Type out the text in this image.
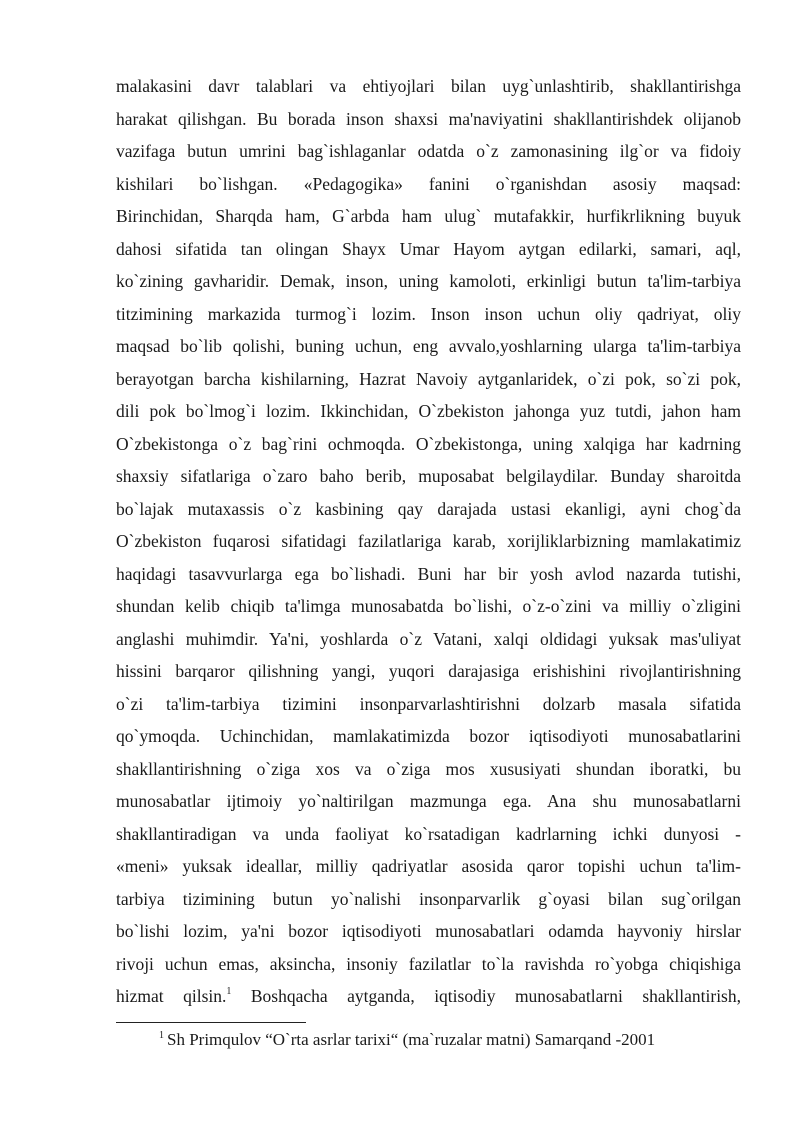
malakasini davr talablari va ehtiyojlari bilan uyg`unlashtirib, shakllantirishga
harakat qilishgan. Bu borada inson shaxsi ma'naviyatini shakllantirishdek olijanob
vazifaga butun umrini bag`ishlaganlar odatda o`z zamonasining ilg`or va fidoiy
kishilari bo`lishgan. «Pedagogika» fanini o`rganishdan asosiy maqsad:
Birinchidan, Sharqda ham, G`arbda ham ulug` mutafakkir, hurfikrlikning buyuk
dahosi sifatida tan olingan Shayx Umar Hayom aytgan edilarki, samari, aql,
ko`zining gavharidir. Demak, inson, uning kamoloti, erkinligi butun ta'lim-tarbiya
titzimining markazida turmog`i lozim. Inson inson uchun oliy qadriyat, oliy
maqsad bo`lib qolishi, buning uchun, eng avvalo,yoshlarning ularga ta'lim-tarbiya
berayotgan barcha kishilarning, Hazrat Navoiy aytganlaridek, o`zi pok, so`zi pok,
dili pok bo`lmog`i lozim. Ikkinchidan, O`zbekiston jahonga yuz tutdi, jahon ham
O`zbekistonga o`z bag`rini ochmoqda. O`zbekistonga, uning xalqiga har kadrning
shaxsiy sifatlariga o`zaro baho berib, muposabat belgilaydilar. Bunday sharoitda
bo`lajak mutaxassis o`z kasbining qay darajada ustasi ekanligi, ayni chog`da
O`zbekiston fuqarosi sifatidagi fazilatlariga karab, xorijliklarbizning mamlakatimiz
haqidagi tasavvurlarga ega bo`lishadi. Buni har bir yosh avlod nazarda tutishi,
shundan kelib chiqib ta'limga munosabatda bo`lishi, o`z-o`zini va milliy o`zligini
anglashi muhimdir. Ya'ni, yoshlarda o`z Vatani, xalqi oldidagi yuksak mas'uliyat
hissini barqaror qilishning yangi, yuqori darajasiga erishishini rivojlantirishning
o`zi ta'lim-tarbiya tizimini insonparvarlashtirishni dolzarb masala sifatida
qo`ymoqda. Uchinchidan, mamlakatimizda bozor iqtisodiyoti munosabatlarini
shakllantirishning o`ziga xos va o`ziga mos xususiyati shundan iboratki, bu
munosabatlar ijtimoiy yo`naltirilgan mazmunga ega. Ana shu munosabatlarni
shakllantiradigan va unda faoliyat ko`rsatadigan kadrlarning ichki dunyosi -
«meni» yuksak ideallar, milliy qadriyatlar asosida qaror topishi uchun ta'lim-
tarbiya tizimining butun yo`nalishi insonparvarlik g`oyasi bilan sug`orilgan
bo`lishi lozim, ya'ni bozor iqtisodiyoti munosabatlari odamda hayvoniy hirslar
rivoji uchun emas, aksincha, insoniy fazilatlar to`la ravishda ro`yobga chiqishiga
hizmat qilsin.$^1$ Boshqacha aytganda, iqtisodiy munosabatlarni shakllantirish,
$^1$ Sh Primqulov “O`rta asrlar tarixi“ (ma`ruzalar matni) Samarqand -2001
